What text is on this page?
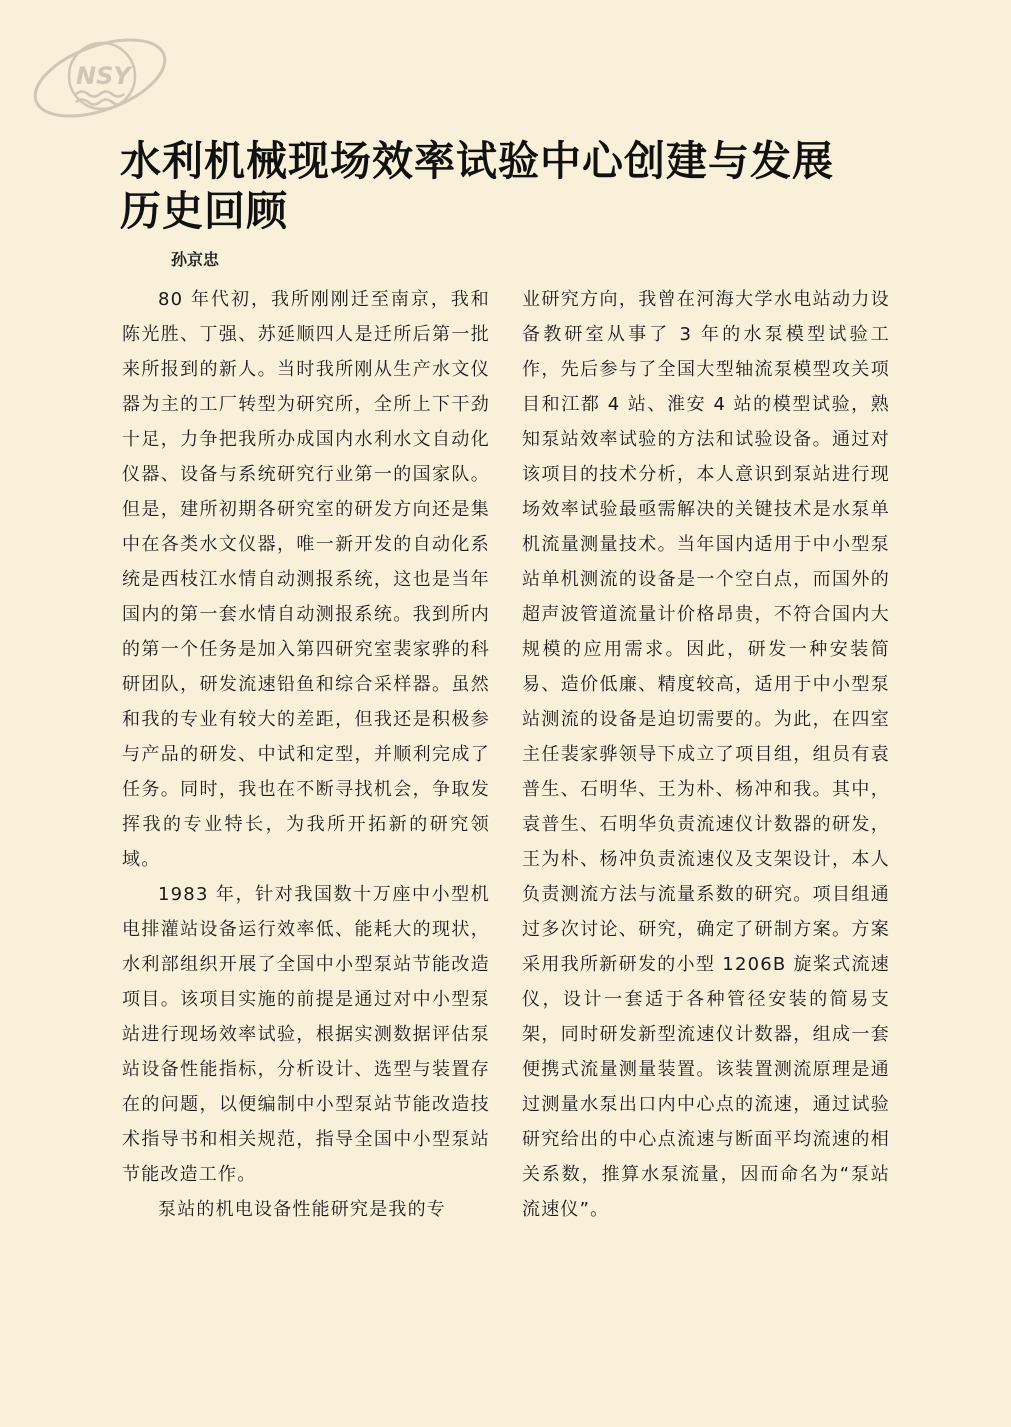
NSY
水利机械现场效率试验中心创建与发展
历史回顾
孙京忠

80 年代初，我所刚刚迁至南京，我和陈光胜、丁强、苏延顺四人是迁所后第一批来所报到的新人。当时我所刚从生产水文仪器为主的工厂转型为研究所，全所上下干劲十足，力争把我所办成国内水利水文自动化仪器、设备与系统研究行业第一的国家队。但是，建所初期各研究室的研发方向还是集中在各类水文仪器，唯一新开发的自动化系统是西枝江水情自动测报系统，这也是当年国内的第一套水情自动测报系统。我到所内的第一个任务是加入第四研究室裴家骅的科研团队，研发流速铅鱼和综合采样器。虽然和我的专业有较大的差距，但我还是积极参与产品的研发、中试和定型，并顺利完成了任务。同时，我也在不断寻找机会，争取发挥我的专业特长，为我所开拓新的研究领域。

1983 年，针对我国数十万座中小型机电排灌站设备运行效率低、能耗大的现状，水利部组织开展了全国中小型泵站节能改造项目。该项目实施的前提是通过对中小型泵站进行现场效率试验，根据实测数据评估泵站设备性能指标，分析设计、选型与装置存在的问题，以便编制中小型泵站节能改造技术指导书和相关规范，指导全国中小型泵站节能改造工作。

泵站的机电设备性能研究是我的专

业研究方向，我曾在河海大学水电站动力设备教研室从事了 3 年的水泵模型试验工作，先后参与了全国大型轴流泵模型攻关项目和江都 4 站、淮安 4 站的模型试验，熟知泵站效率试验的方法和试验设备。通过对该项目的技术分析，本人意识到泵站进行现场效率试验最亟需解决的关键技术是水泵单机流量测量技术。当年国内适用于中小型泵站单机测流的设备是一个空白点，而国外的超声波管道流量计价格昂贵，不符合国内大规模的应用需求。因此，研发一种安装简易、造价低廉、精度较高，适用于中小型泵站测流的设备是迫切需要的。为此，在四室主任裴家骅领导下成立了项目组，组员有袁普生、石明华、王为朴、杨冲和我。其中，袁普生、石明华负责流速仪计数器的研发，王为朴、杨冲负责流速仪及支架设计，本人负责测流方法与流量系数的研究。项目组通过多次讨论、研究，确定了研制方案。方案采用我所新研发的小型 1206B 旋桨式流速仪，设计一套适于各种管径安装的简易支架，同时研发新型流速仪计数器，组成一套便携式流量测量装置。该装置测流原理是通过测量水泵出口内中心点的流速，通过试验研究给出的中心点流速与断面平均流速的相关系数，推算水泵流量，因而命名为“泵站流速仪”。
